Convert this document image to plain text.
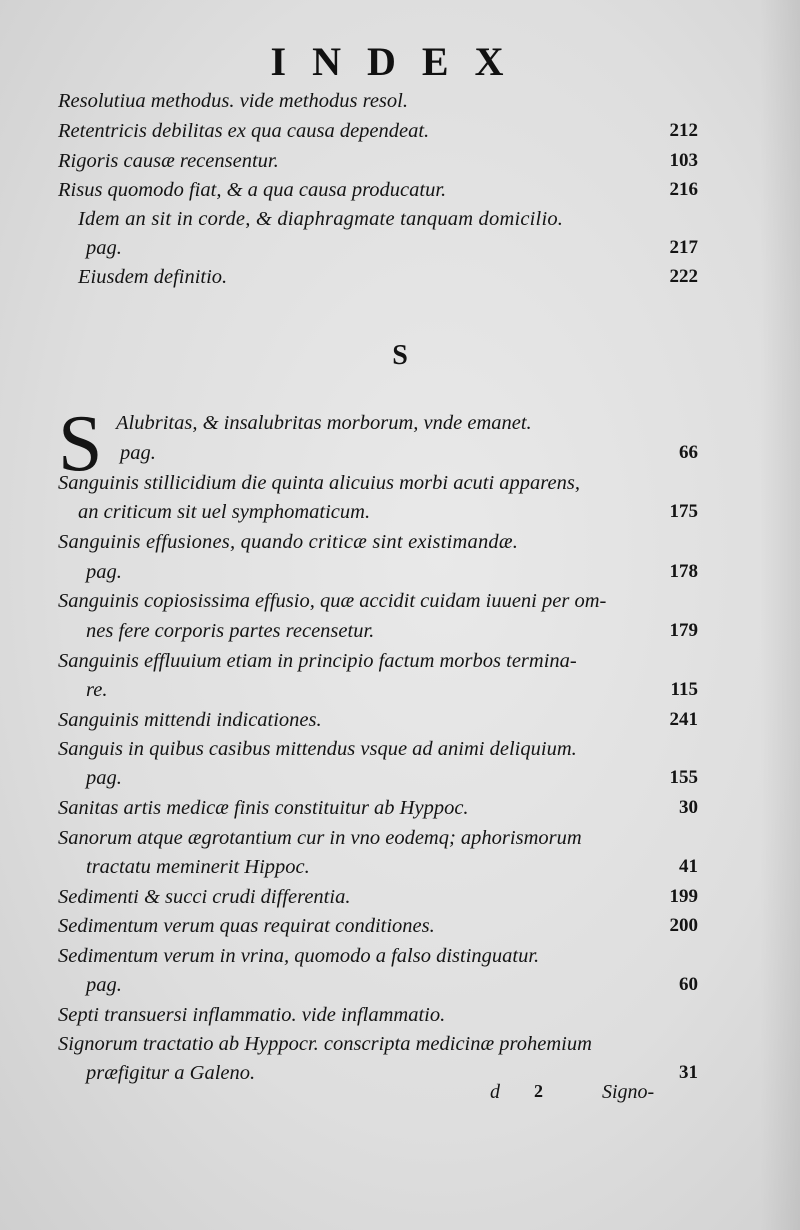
INDEX
Resolutiua methodus. vide methodus resol.
Retentricis debilitas ex qua causa dependeat.	212
Rigoris causæ recensentur.	103
Risus quomodo fiat, & a qua causa producatur.	216
Idem an sit in corde, & diaphragmate tanquam domicilio.
pag.	217
Eiusdem definitio.	222
Alubritas, & insalubritas morborum, vnde emanet.
pag.	66
Sanguinis stillicidium die quinta alicuius morbi acuti apparens,
an criticum sit uel symphomaticum.	175
Sanguinis effusiones, quando criticæ sint existimandæ.
pag.	178
Sanguinis copiosissima effusio, quæ accidit cuidam iuueni per om-
nes fere corporis partes recensetur.	179
Sanguinis effluuium etiam in principio factum morbos termina-
re.	115
Sanguinis mittendi indicationes.	241
Sanguis in quibus casibus mittendus vsque ad animi deliquium.
pag.	155
Sanitas artis medicæ finis constituitur ab Hyppoc.	30
Sanorum atque ægrotantium cur in vno eodemq; aphorismorum
tractatu meminerit Hippoc.	41
Sedimenti & succi crudi differentia.	199
Sedimentum verum quas requirat conditiones.	200
Sedimentum verum in vrina, quomodo a falso distinguatur.
pag.	60
Septi transuersi inflammatio. vide inflammatio.
Signorum tractatio ab Hyppocr. conscripta medicinæ prohemium
præfigitur a Galeno.	31
S
S
d 2	Signo-
